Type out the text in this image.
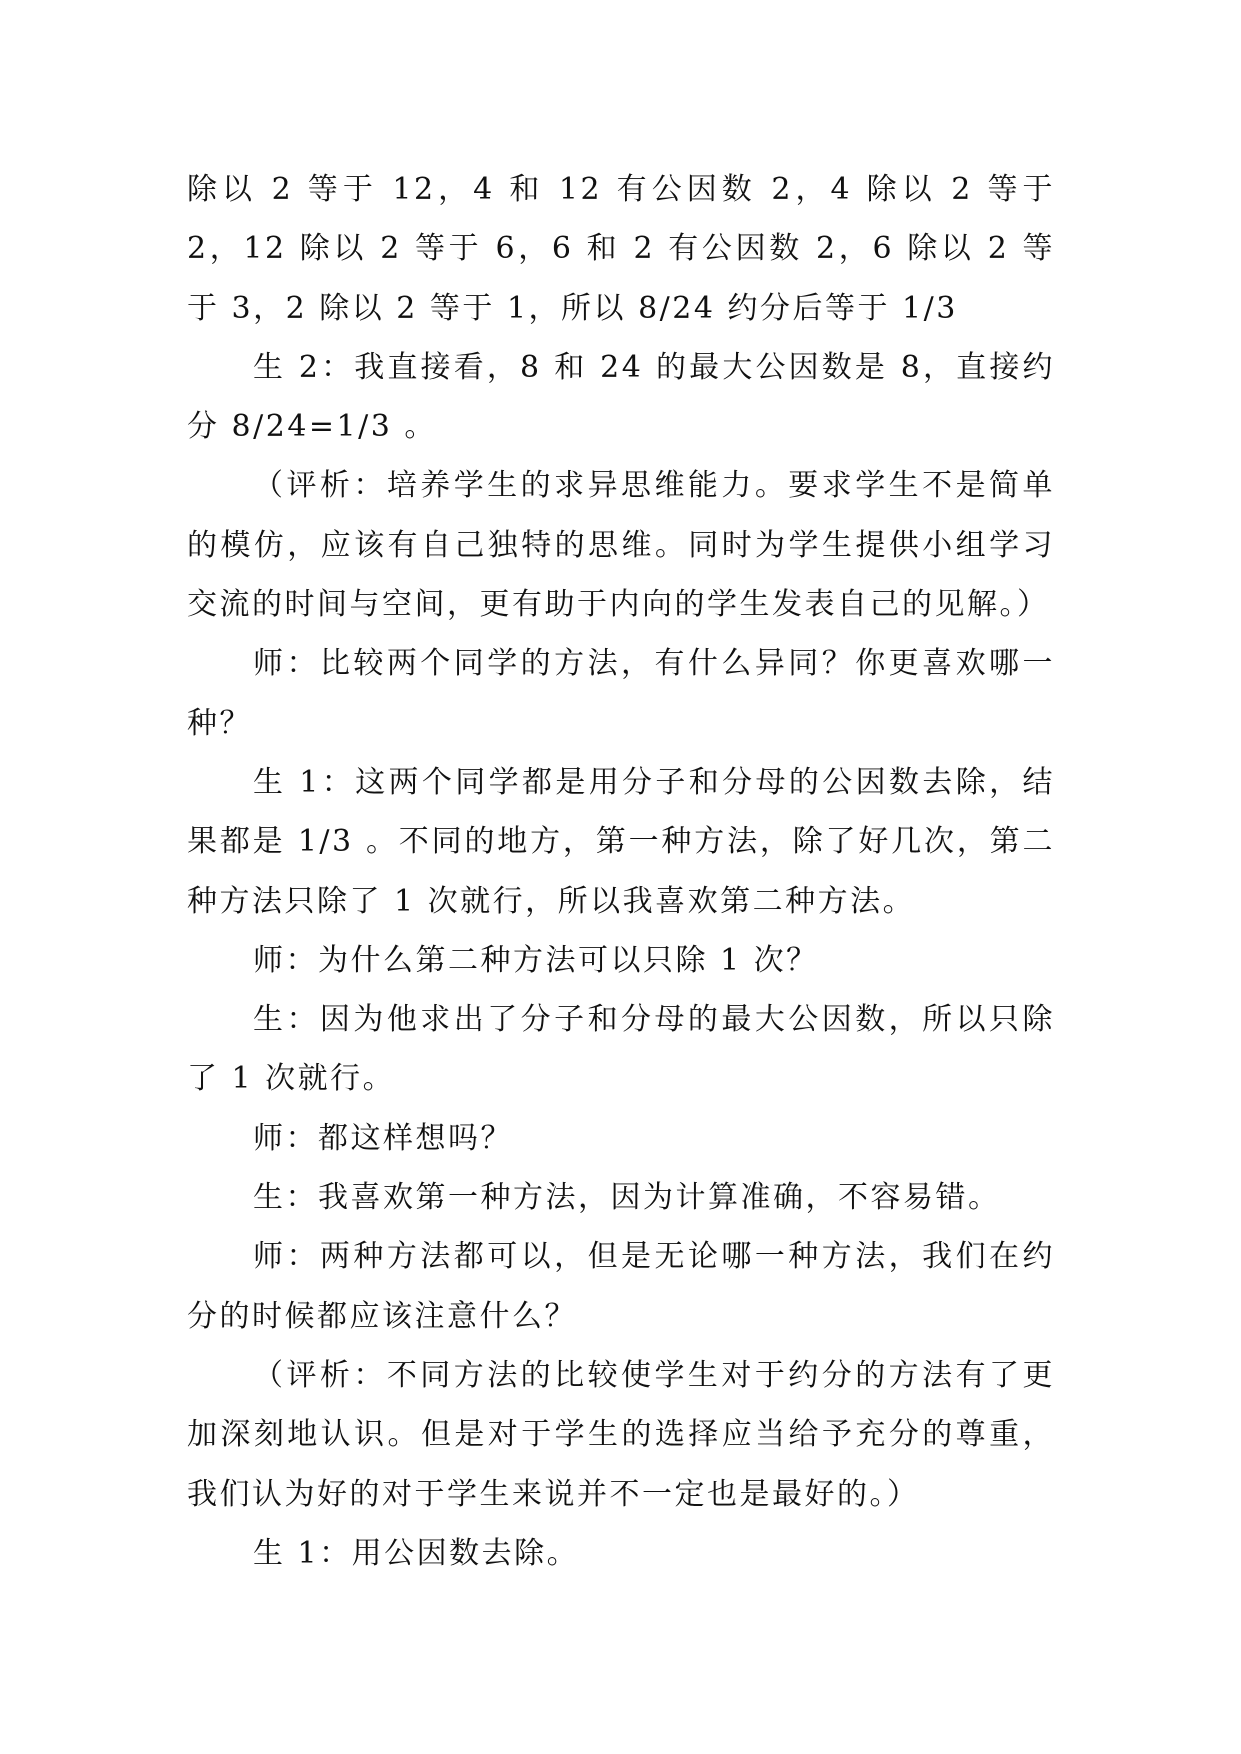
除以 2 等于 12，4 和 12 有公因数 2，4 除以 2 等于 2，12 除以 2 等于 6，6 和 2 有公因数 2，6 除以 2 等于 3，2 除以 2 等于 1，所以 8/24 约分后等于 1/3

生 2：我直接看，8 和 24 的最大公因数是 8，直接约分 8/24=1/3 。

（评析：培养学生的求异思维能力。要求学生不是简单的模仿，应该有自己独特的思维。同时为学生提供小组学习交流的时间与空间，更有助于内向的学生发表自己的见解。）

师：比较两个同学的方法，有什么异同？你更喜欢哪一种？

生 1：这两个同学都是用分子和分母的公因数去除，结果都是 1/3 。不同的地方，第一种方法，除了好几次，第二种方法只除了 1 次就行，所以我喜欢第二种方法。

师：为什么第二种方法可以只除 1 次？

生：因为他求出了分子和分母的最大公因数，所以只除了 1 次就行。

师：都这样想吗？

生：我喜欢第一种方法，因为计算准确，不容易错。

师：两种方法都可以，但是无论哪一种方法，我们在约分的时候都应该注意什么？

（评析：不同方法的比较使学生对于约分的方法有了更加深刻地认识。但是对于学生的选择应当给予充分的尊重，我们认为好的对于学生来说并不一定也是最好的。）

生 1：用公因数去除。
